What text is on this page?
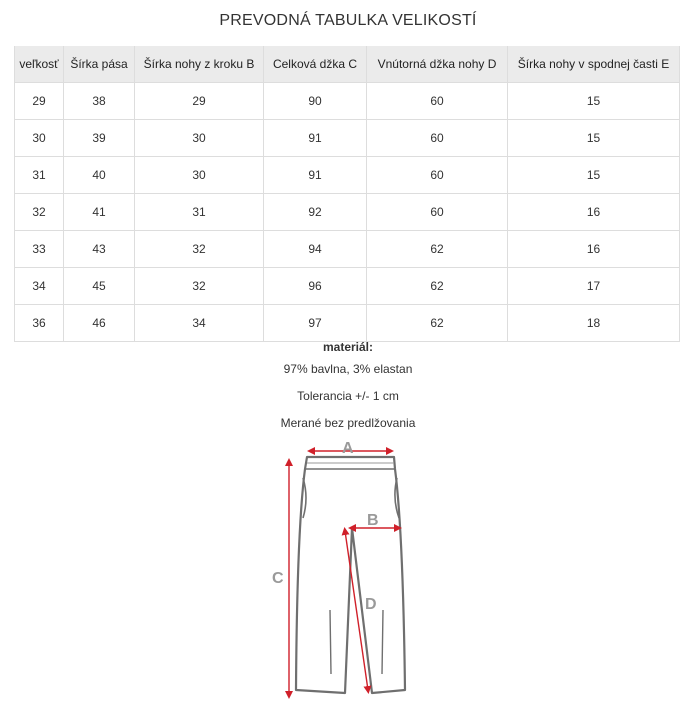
PREVODNÁ TABULKA VELIKOSTÍ
veľkosť	Šírka pása	Šírka nohy z kroku B	Celková džka C	Vnútorná džka nohy D	Šírka nohy v spodnej časti E
29	38	29	90	60	15
30	39	30	91	60	15
31	40	30	91	60	15
32	41	31	92	60	16
33	43	32	94	62	16
34	45	32	96	62	17
36	46	34	97	62	18
materiál:
97% bavlna, 3% elastan
Tolerancia +/- 1 cm
Merané bez predlžovania
A
B
C
D
